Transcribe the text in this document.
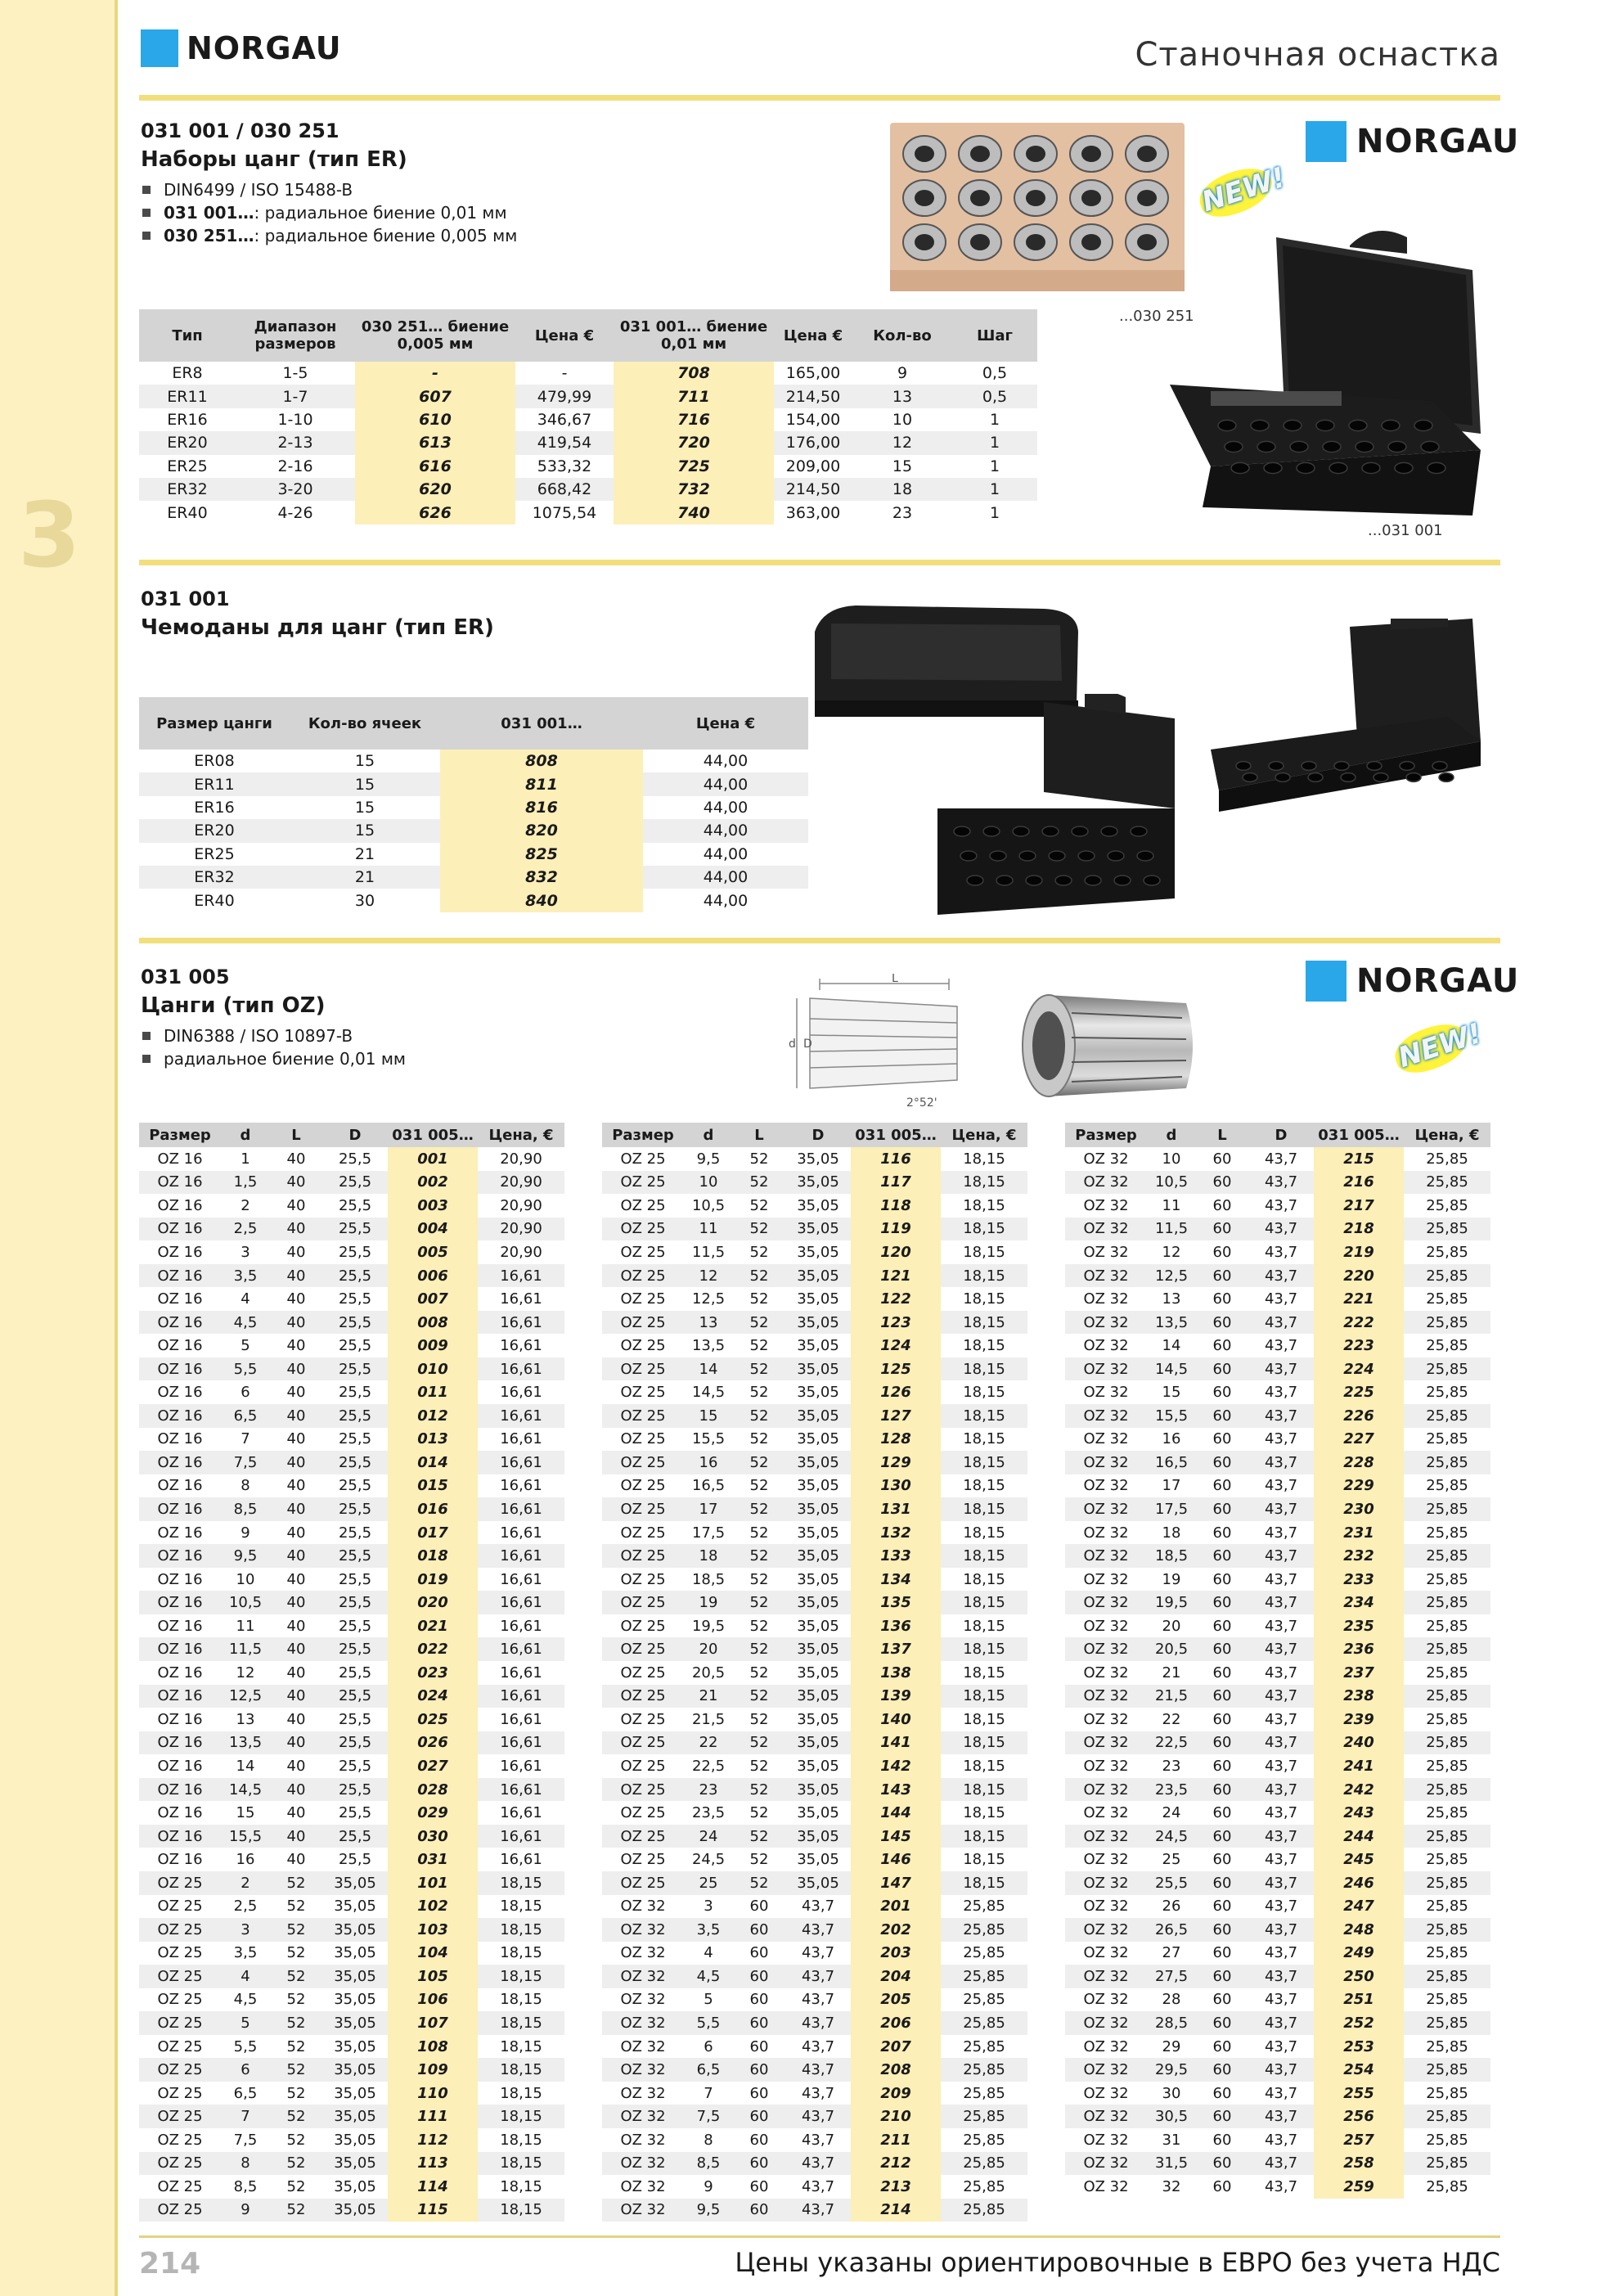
3
NORGAU	Станочная оснастка
031 001 / 030 251
Наборы цанг (тип ER)
DIN6499 / ISO 15488-B
031 001…: радиальное биение 0,01 мм
030 251…: радиальное биение 0,005 мм
NEW!
NORGAU
...030 251
...031 001
Тип	Диапазон размеров	030 251… биение 0,005 мм	Цена €	031 001… биение 0,01 мм	Цена €	Кол-во	Шаг
ER8	1-5	-	-	708	165,00	9	0,5
ER11	1-7	607	479,99	711	214,50	13	0,5
ER16	1-10	610	346,67	716	154,00	10	1
ER20	2-13	613	419,54	720	176,00	12	1
ER25	2-16	616	533,32	725	209,00	15	1
ER32	3-20	620	668,42	732	214,50	18	1
ER40	4-26	626	1075,54	740	363,00	23	1
031 001
Чемоданы для цанг (тип ER)
Размер цанги	Кол-во ячеек	031 001…	Цена €
ER08	15	808	44,00
ER11	15	811	44,00
ER16	15	816	44,00
ER20	15	820	44,00
ER25	21	825	44,00
ER32	21	832	44,00
ER40	30	840	44,00
031 005
Цанги (тип OZ)
DIN6388 / ISO 10897-B
радиальное биение 0,01 мм
L
d D
2°52'
NORGAU
NEW!
Размер	d	L	D	031 005…	Цена, €
OZ 16	1	40	25,5	001	20,90
OZ 16	1,5	40	25,5	002	20,90
OZ 16	2	40	25,5	003	20,90
OZ 16	2,5	40	25,5	004	20,90
OZ 16	3	40	25,5	005	20,90
OZ 16	3,5	40	25,5	006	16,61
OZ 16	4	40	25,5	007	16,61
OZ 16	4,5	40	25,5	008	16,61
OZ 16	5	40	25,5	009	16,61
OZ 16	5,5	40	25,5	010	16,61
OZ 16	6	40	25,5	011	16,61
OZ 16	6,5	40	25,5	012	16,61
OZ 16	7	40	25,5	013	16,61
OZ 16	7,5	40	25,5	014	16,61
OZ 16	8	40	25,5	015	16,61
OZ 16	8,5	40	25,5	016	16,61
OZ 16	9	40	25,5	017	16,61
OZ 16	9,5	40	25,5	018	16,61
OZ 16	10	40	25,5	019	16,61
OZ 16	10,5	40	25,5	020	16,61
OZ 16	11	40	25,5	021	16,61
OZ 16	11,5	40	25,5	022	16,61
OZ 16	12	40	25,5	023	16,61
OZ 16	12,5	40	25,5	024	16,61
OZ 16	13	40	25,5	025	16,61
OZ 16	13,5	40	25,5	026	16,61
OZ 16	14	40	25,5	027	16,61
OZ 16	14,5	40	25,5	028	16,61
OZ 16	15	40	25,5	029	16,61
OZ 16	15,5	40	25,5	030	16,61
OZ 16	16	40	25,5	031	16,61
OZ 25	2	52	35,05	101	18,15
OZ 25	2,5	52	35,05	102	18,15
OZ 25	3	52	35,05	103	18,15
OZ 25	3,5	52	35,05	104	18,15
OZ 25	4	52	35,05	105	18,15
OZ 25	4,5	52	35,05	106	18,15
OZ 25	5	52	35,05	107	18,15
OZ 25	5,5	52	35,05	108	18,15
OZ 25	6	52	35,05	109	18,15
OZ 25	6,5	52	35,05	110	18,15
OZ 25	7	52	35,05	111	18,15
OZ 25	7,5	52	35,05	112	18,15
OZ 25	8	52	35,05	113	18,15
OZ 25	8,5	52	35,05	114	18,15
OZ 25	9	52	35,05	115	18,15
Размер	d	L	D	031 005…	Цена, €
OZ 25	9,5	52	35,05	116	18,15
OZ 25	10	52	35,05	117	18,15
OZ 25	10,5	52	35,05	118	18,15
OZ 25	11	52	35,05	119	18,15
OZ 25	11,5	52	35,05	120	18,15
OZ 25	12	52	35,05	121	18,15
OZ 25	12,5	52	35,05	122	18,15
OZ 25	13	52	35,05	123	18,15
OZ 25	13,5	52	35,05	124	18,15
OZ 25	14	52	35,05	125	18,15
OZ 25	14,5	52	35,05	126	18,15
OZ 25	15	52	35,05	127	18,15
OZ 25	15,5	52	35,05	128	18,15
OZ 25	16	52	35,05	129	18,15
OZ 25	16,5	52	35,05	130	18,15
OZ 25	17	52	35,05	131	18,15
OZ 25	17,5	52	35,05	132	18,15
OZ 25	18	52	35,05	133	18,15
OZ 25	18,5	52	35,05	134	18,15
OZ 25	19	52	35,05	135	18,15
OZ 25	19,5	52	35,05	136	18,15
OZ 25	20	52	35,05	137	18,15
OZ 25	20,5	52	35,05	138	18,15
OZ 25	21	52	35,05	139	18,15
OZ 25	21,5	52	35,05	140	18,15
OZ 25	22	52	35,05	141	18,15
OZ 25	22,5	52	35,05	142	18,15
OZ 25	23	52	35,05	143	18,15
OZ 25	23,5	52	35,05	144	18,15
OZ 25	24	52	35,05	145	18,15
OZ 25	24,5	52	35,05	146	18,15
OZ 25	25	52	35,05	147	18,15
OZ 32	3	60	43,7	201	25,85
OZ 32	3,5	60	43,7	202	25,85
OZ 32	4	60	43,7	203	25,85
OZ 32	4,5	60	43,7	204	25,85
OZ 32	5	60	43,7	205	25,85
OZ 32	5,5	60	43,7	206	25,85
OZ 32	6	60	43,7	207	25,85
OZ 32	6,5	60	43,7	208	25,85
OZ 32	7	60	43,7	209	25,85
OZ 32	7,5	60	43,7	210	25,85
OZ 32	8	60	43,7	211	25,85
OZ 32	8,5	60	43,7	212	25,85
OZ 32	9	60	43,7	213	25,85
OZ 32	9,5	60	43,7	214	25,85
Размер	d	L	D	031 005…	Цена, €
OZ 32	10	60	43,7	215	25,85
OZ 32	10,5	60	43,7	216	25,85
OZ 32	11	60	43,7	217	25,85
OZ 32	11,5	60	43,7	218	25,85
OZ 32	12	60	43,7	219	25,85
OZ 32	12,5	60	43,7	220	25,85
OZ 32	13	60	43,7	221	25,85
OZ 32	13,5	60	43,7	222	25,85
OZ 32	14	60	43,7	223	25,85
OZ 32	14,5	60	43,7	224	25,85
OZ 32	15	60	43,7	225	25,85
OZ 32	15,5	60	43,7	226	25,85
OZ 32	16	60	43,7	227	25,85
OZ 32	16,5	60	43,7	228	25,85
OZ 32	17	60	43,7	229	25,85
OZ 32	17,5	60	43,7	230	25,85
OZ 32	18	60	43,7	231	25,85
OZ 32	18,5	60	43,7	232	25,85
OZ 32	19	60	43,7	233	25,85
OZ 32	19,5	60	43,7	234	25,85
OZ 32	20	60	43,7	235	25,85
OZ 32	20,5	60	43,7	236	25,85
OZ 32	21	60	43,7	237	25,85
OZ 32	21,5	60	43,7	238	25,85
OZ 32	22	60	43,7	239	25,85
OZ 32	22,5	60	43,7	240	25,85
OZ 32	23	60	43,7	241	25,85
OZ 32	23,5	60	43,7	242	25,85
OZ 32	24	60	43,7	243	25,85
OZ 32	24,5	60	43,7	244	25,85
OZ 32	25	60	43,7	245	25,85
OZ 32	25,5	60	43,7	246	25,85
OZ 32	26	60	43,7	247	25,85
OZ 32	26,5	60	43,7	248	25,85
OZ 32	27	60	43,7	249	25,85
OZ 32	27,5	60	43,7	250	25,85
OZ 32	28	60	43,7	251	25,85
OZ 32	28,5	60	43,7	252	25,85
OZ 32	29	60	43,7	253	25,85
OZ 32	29,5	60	43,7	254	25,85
OZ 32	30	60	43,7	255	25,85
OZ 32	30,5	60	43,7	256	25,85
OZ 32	31	60	43,7	257	25,85
OZ 32	31,5	60	43,7	258	25,85
OZ 32	32	60	43,7	259	25,85
214	Цены указаны ориентировочные в ЕВРО без учета НДС
